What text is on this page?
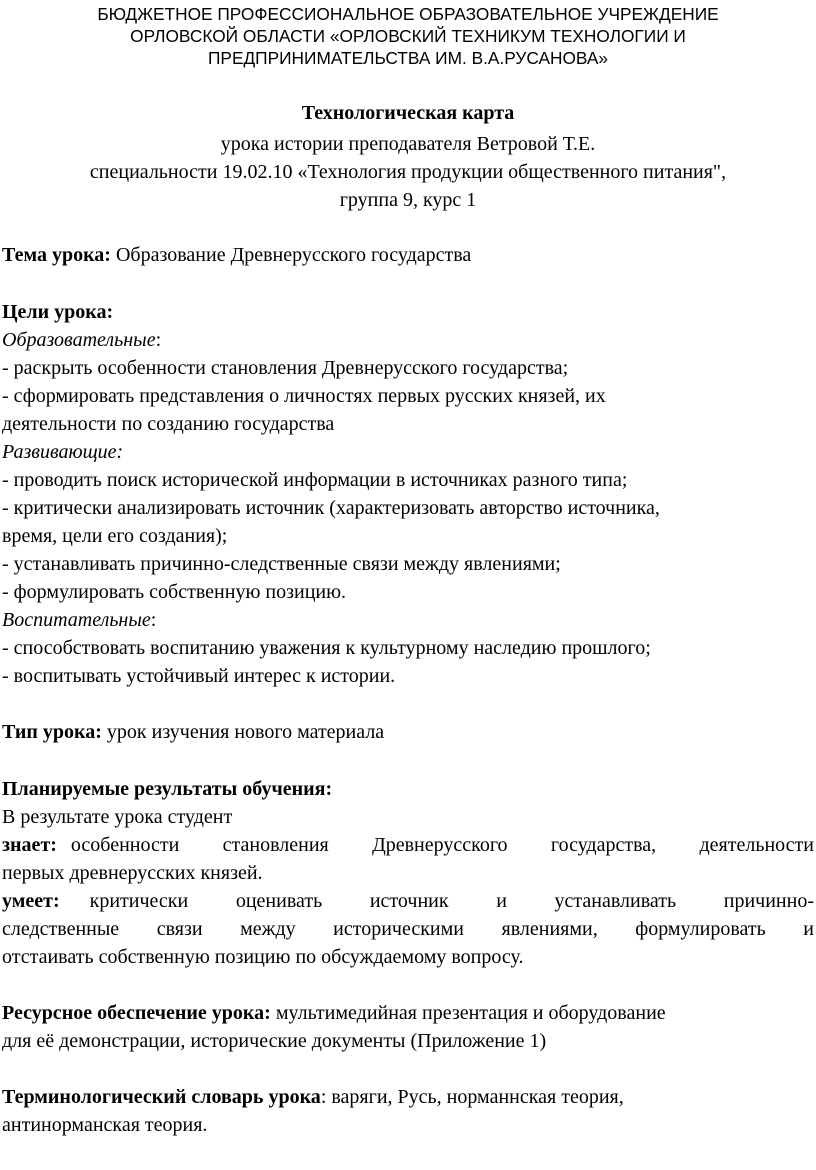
БЮДЖЕТНОЕ ПРОФЕССИОНАЛЬНОЕ ОБРАЗОВАТЕЛЬНОЕ УЧРЕЖДЕНИЕ
ОРЛОВСКОЙ ОБЛАСТИ «ОРЛОВСКИЙ ТЕХНИКУМ ТЕХНОЛОГИИ И
ПРЕДПРИНИМАТЕЛЬСТВА ИМ. В.А.РУСАНОВА»
Технологическая карта
урока истории преподавателя Ветровой Т.Е.
специальности 19.02.10 «Технология продукции общественного питания",
группа 9, курс 1
Тема урока: Образование Древнерусского государства
Цели урока:
Образовательные:
- раскрыть особенности становления Древнерусского государства;
- сформировать представления о личностях первых русских князей, их
деятельности по созданию государства
Развивающие:
- проводить поиск исторической информации в источниках разного типа;
- критически анализировать источник (характеризовать авторство источника,
время, цели его создания);
- устанавливать причинно-следственные связи между явлениями;
- формулировать собственную позицию.
Воспитательные:
- способствовать воспитанию уважения к культурному наследию прошлого;
- воспитывать устойчивый интерес к истории.
Тип урока: урок изучения нового материала
Планируемые результаты обучения:
В результате урока студент
знает: особенности становления Древнерусского государства, деятельности
первых древнерусских князей.
умеет: критически оценивать источник и устанавливать причинно-
следственные связи между историческими явлениями, формулировать и
отстаивать собственную позицию по обсуждаемому вопросу.
Ресурсное обеспечение урока: мультимедийная презентация и оборудование
для её демонстрации, исторические документы (Приложение 1)
Терминологический словарь урока: варяги, Русь, норманнская теория,
антинорманская теория.
